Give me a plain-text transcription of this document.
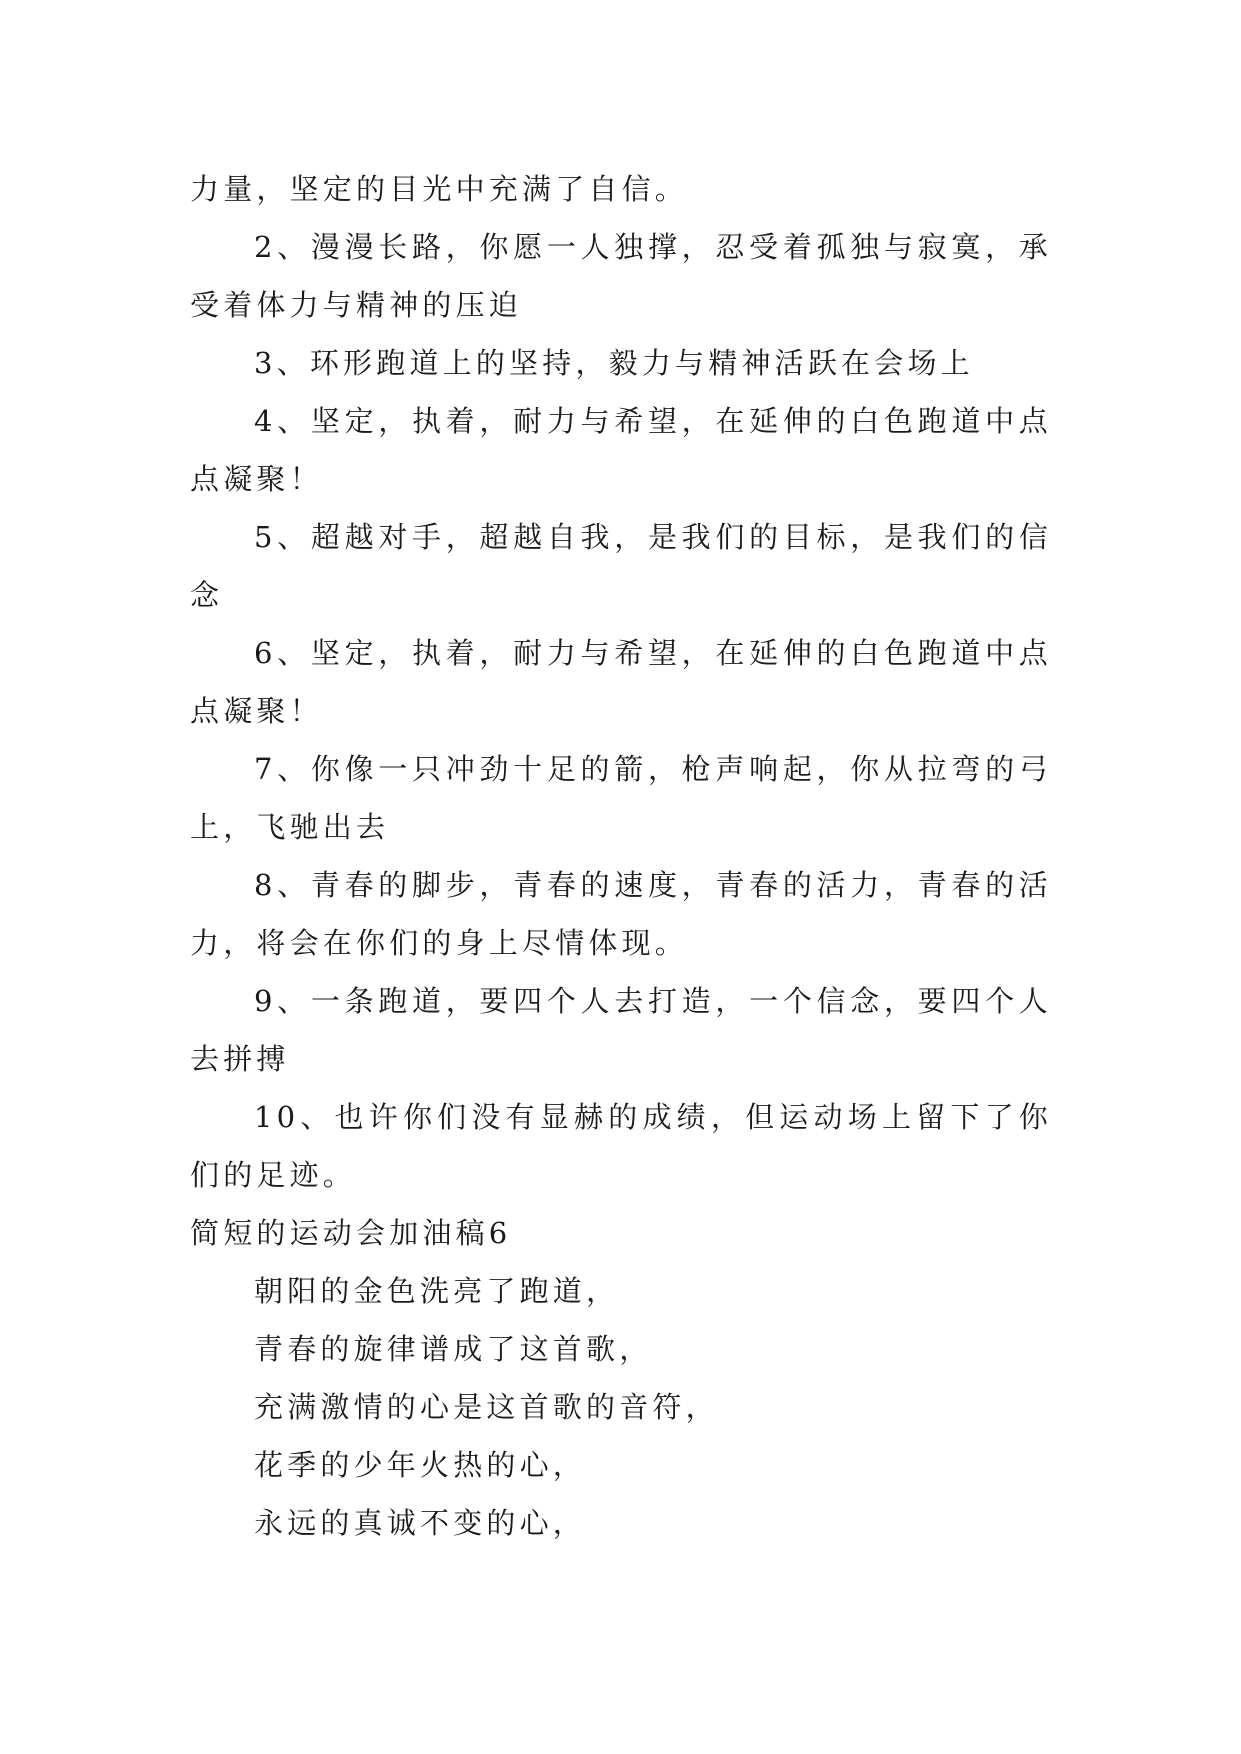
力量，坚定的目光中充满了自信。

2、漫漫长路，你愿一人独撑，忍受着孤独与寂寞，承受着体力与精神的压迫

3、环形跑道上的坚持，毅力与精神活跃在会场上

4、坚定，执着，耐力与希望，在延伸的白色跑道中点点凝聚！

5、超越对手，超越自我，是我们的目标，是我们的信念

6、坚定，执着，耐力与希望，在延伸的白色跑道中点点凝聚！

7、你像一只冲劲十足的箭，枪声响起，你从拉弯的弓上，飞驰出去

8、青春的脚步，青春的速度，青春的活力，青春的活力，将会在你们的身上尽情体现。

9、一条跑道，要四个人去打造，一个信念，要四个人去拼搏

10、也许你们没有显赫的成绩，但运动场上留下了你们的足迹。

简短的运动会加油稿6

朝阳的金色洗亮了跑道，

青春的旋律谱成了这首歌，

充满激情的心是这首歌的音符，

花季的少年火热的心，

永远的真诚不变的心，
